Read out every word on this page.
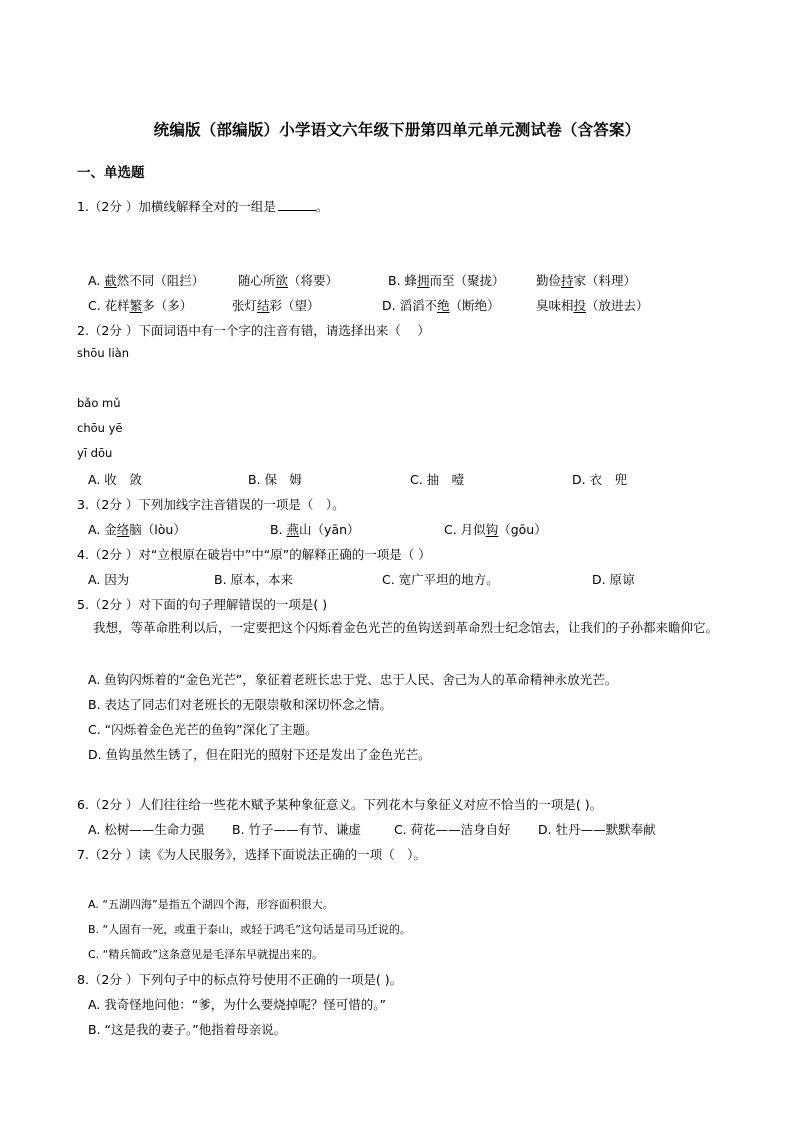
统编版（部编版）小学语文六年级下册第四单元单元测试卷（含答案）
一、单选题
1.（2分 ）加横线解释全对的一组是	。
A. 截然不同（阻拦）	随心所欲（将要）	B. 蜂拥而至（聚拢）	勤俭持家（料理）
C. 花样繁多（多）	张灯结彩（望）	D. 滔滔不绝（断绝）	臭味相投（放进去）
2.（2分 ）下面词语中有一个字的注音有错，请选择出来（　 ）
shōu liàn
bǎo mǔ
chōu yē
yī dōu
A. 收　敛	B. 保　姆	C. 抽　噎	D. 衣　兜
3.（2分 ）下列加线字注音错误的一项是（　）。
A. 金络脑（lòu）	B. 燕山（yān）	C. 月似钩（gōu）
4.（2分 ）对“立根原在破岩中”中“原”的解释正确的一项是（ ）
A. 因为	B. 原本，本来	C. 宽广平坦的地方。	D. 原谅
5.（2分 ）对下面的句子理解错误的一项是( )
我想，等革命胜利以后，一定要把这个闪烁着金色光芒的鱼钩送到革命烈士纪念馆去，让我们的子孙都来瞻仰它。
A. 鱼钩闪烁着的“金色光芒”，象征着老班长忠于党、忠于人民、舍己为人的革命精神永放光芒。
B. 表达了同志们对老班长的无限崇敬和深切怀念之情。
C. “闪烁着金色光芒的鱼钩”深化了主题。
D. 鱼钩虽然生锈了，但在阳光的照射下还是发出了金色光芒。
6.（2分 ）人们往往给一些花木赋予某种象征意义。下列花木与象征义对应不恰当的一项是( )。
A. 松树——生命力强 B. 竹子——有节、谦虚	C. 荷花——洁身自好 D. 牡丹——默默奉献
7.（2分 ）读《为人民服务》，选择下面说法正确的一项（　）。
A. “五湖四海”是指五个湖四个海，形容面积很大。
B. “人固有一死，或重于泰山，或轻于鸿毛”这句话是司马迁说的。
C. “精兵简政”这条意见是毛泽东早就提出来的。
8.（2分 ）下列句子中的标点符号使用不正确的一项是( )。
A. 我奇怪地问他：“爹，为什么要烧掉呢？怪可惜的。”
B. “这是我的妻子。”他指着母亲说。
